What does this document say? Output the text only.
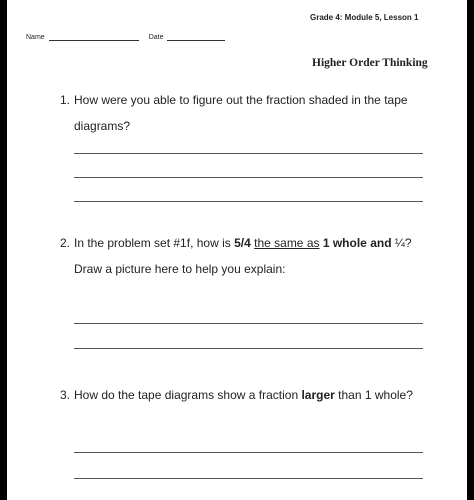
Grade 4: Module 5, Lesson 1
Name	Date
Higher Order Thinking
1. How were you able to figure out the fraction shaded in the tape
diagrams?
2. In the problem set #1f, how is 5/4 the same as 1 whole and ¼?
Draw a picture here to help you explain:
3. How do the tape diagrams show a fraction larger than 1 whole?
